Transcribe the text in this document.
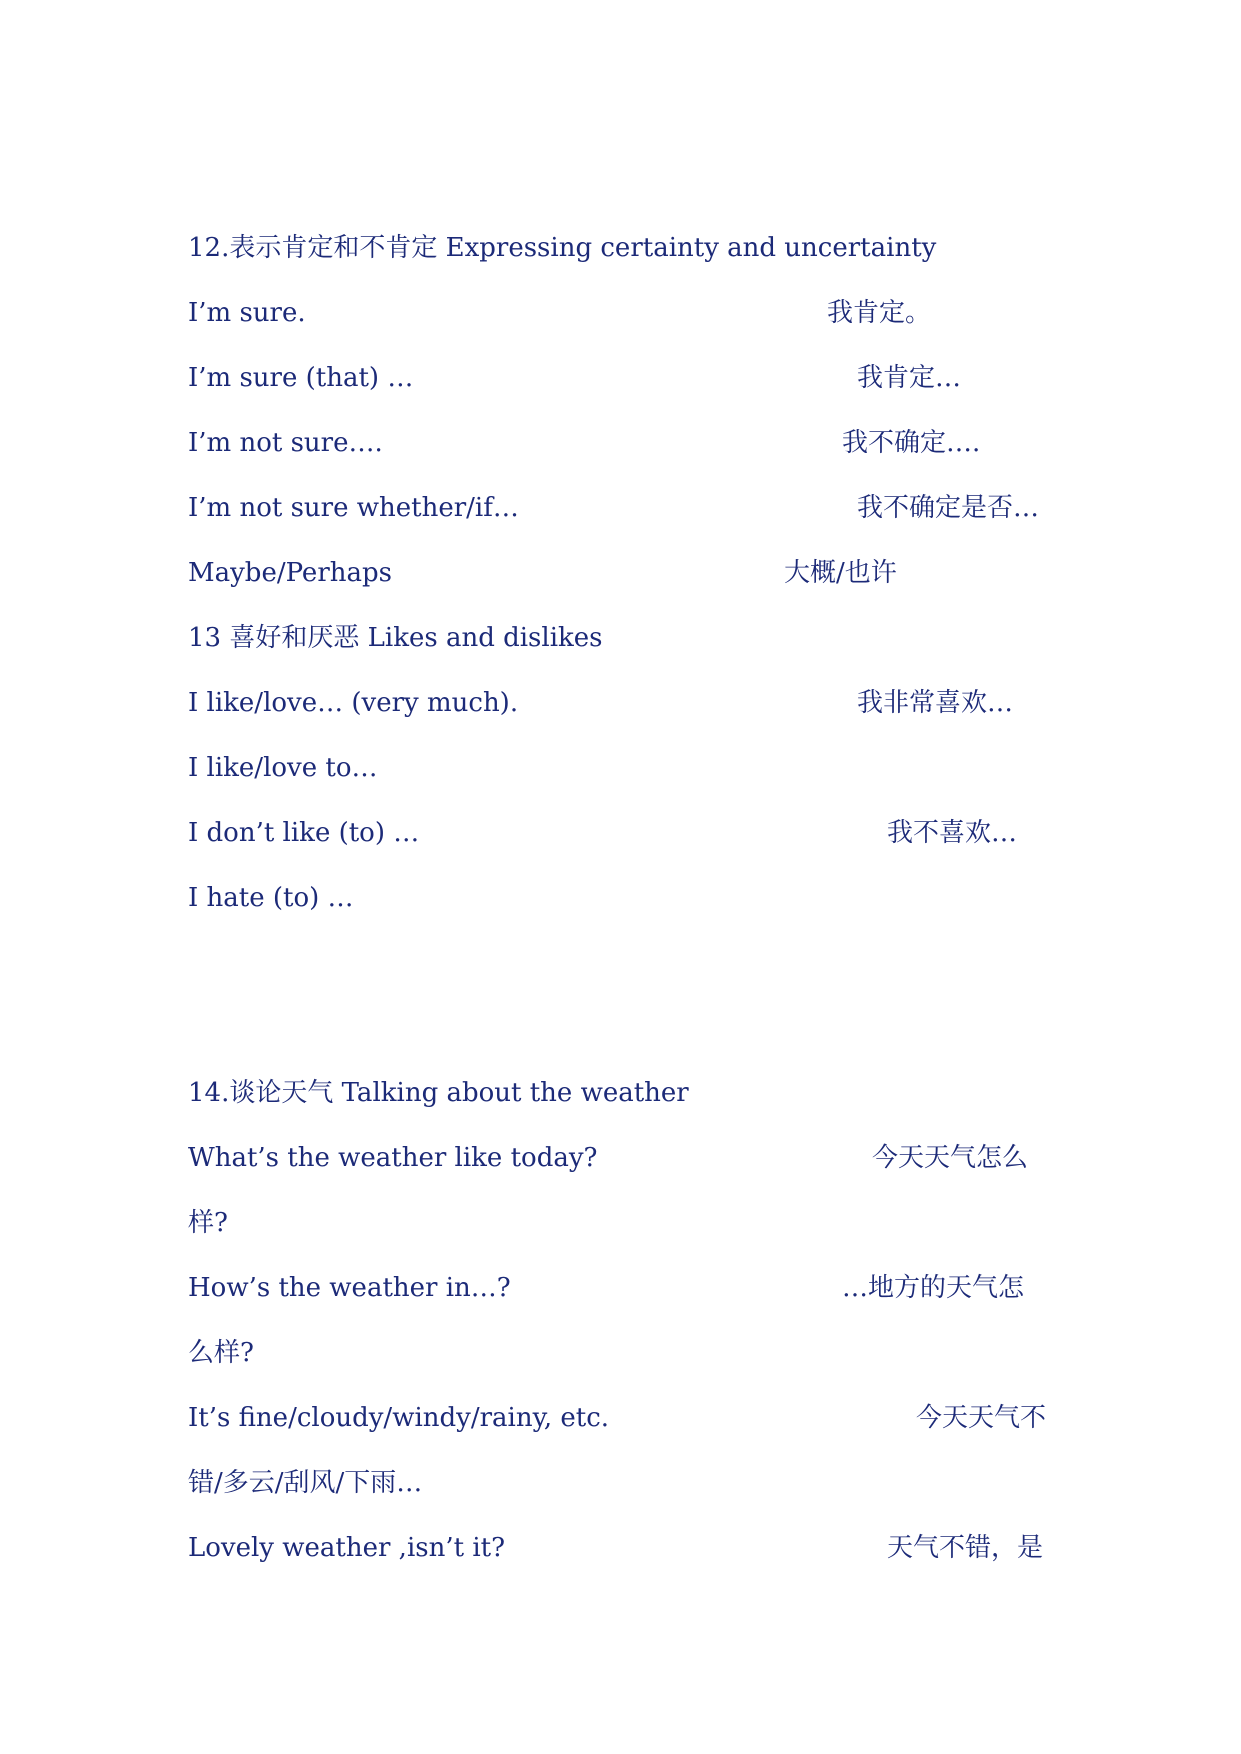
12.表示肯定和不肯定 Expressing certainty and uncertainty
I’m sure.	我肯定。
I’m sure (that) …	我肯定…
I’m not sure….	我不确定….
I’m not sure whether/if…	我不确定是否…
Maybe/Perhaps	大概/也许
13 喜好和厌恶 Likes and dislikes
I like/love… (very much).	我非常喜欢…
I like/love to…
I don’t like (to) …	我不喜欢…
I hate (to) …
14.谈论天气 Talking about the weather
What’s the weather like today?	今天天气怎么
样?
How’s the weather in…?	…地方的天气怎
么样?
It’s fine/cloudy/windy/rainy, etc.	今天天气不
错/多云/刮风/下雨…
Lovely weather ,isn’t it?	天气不错，是
